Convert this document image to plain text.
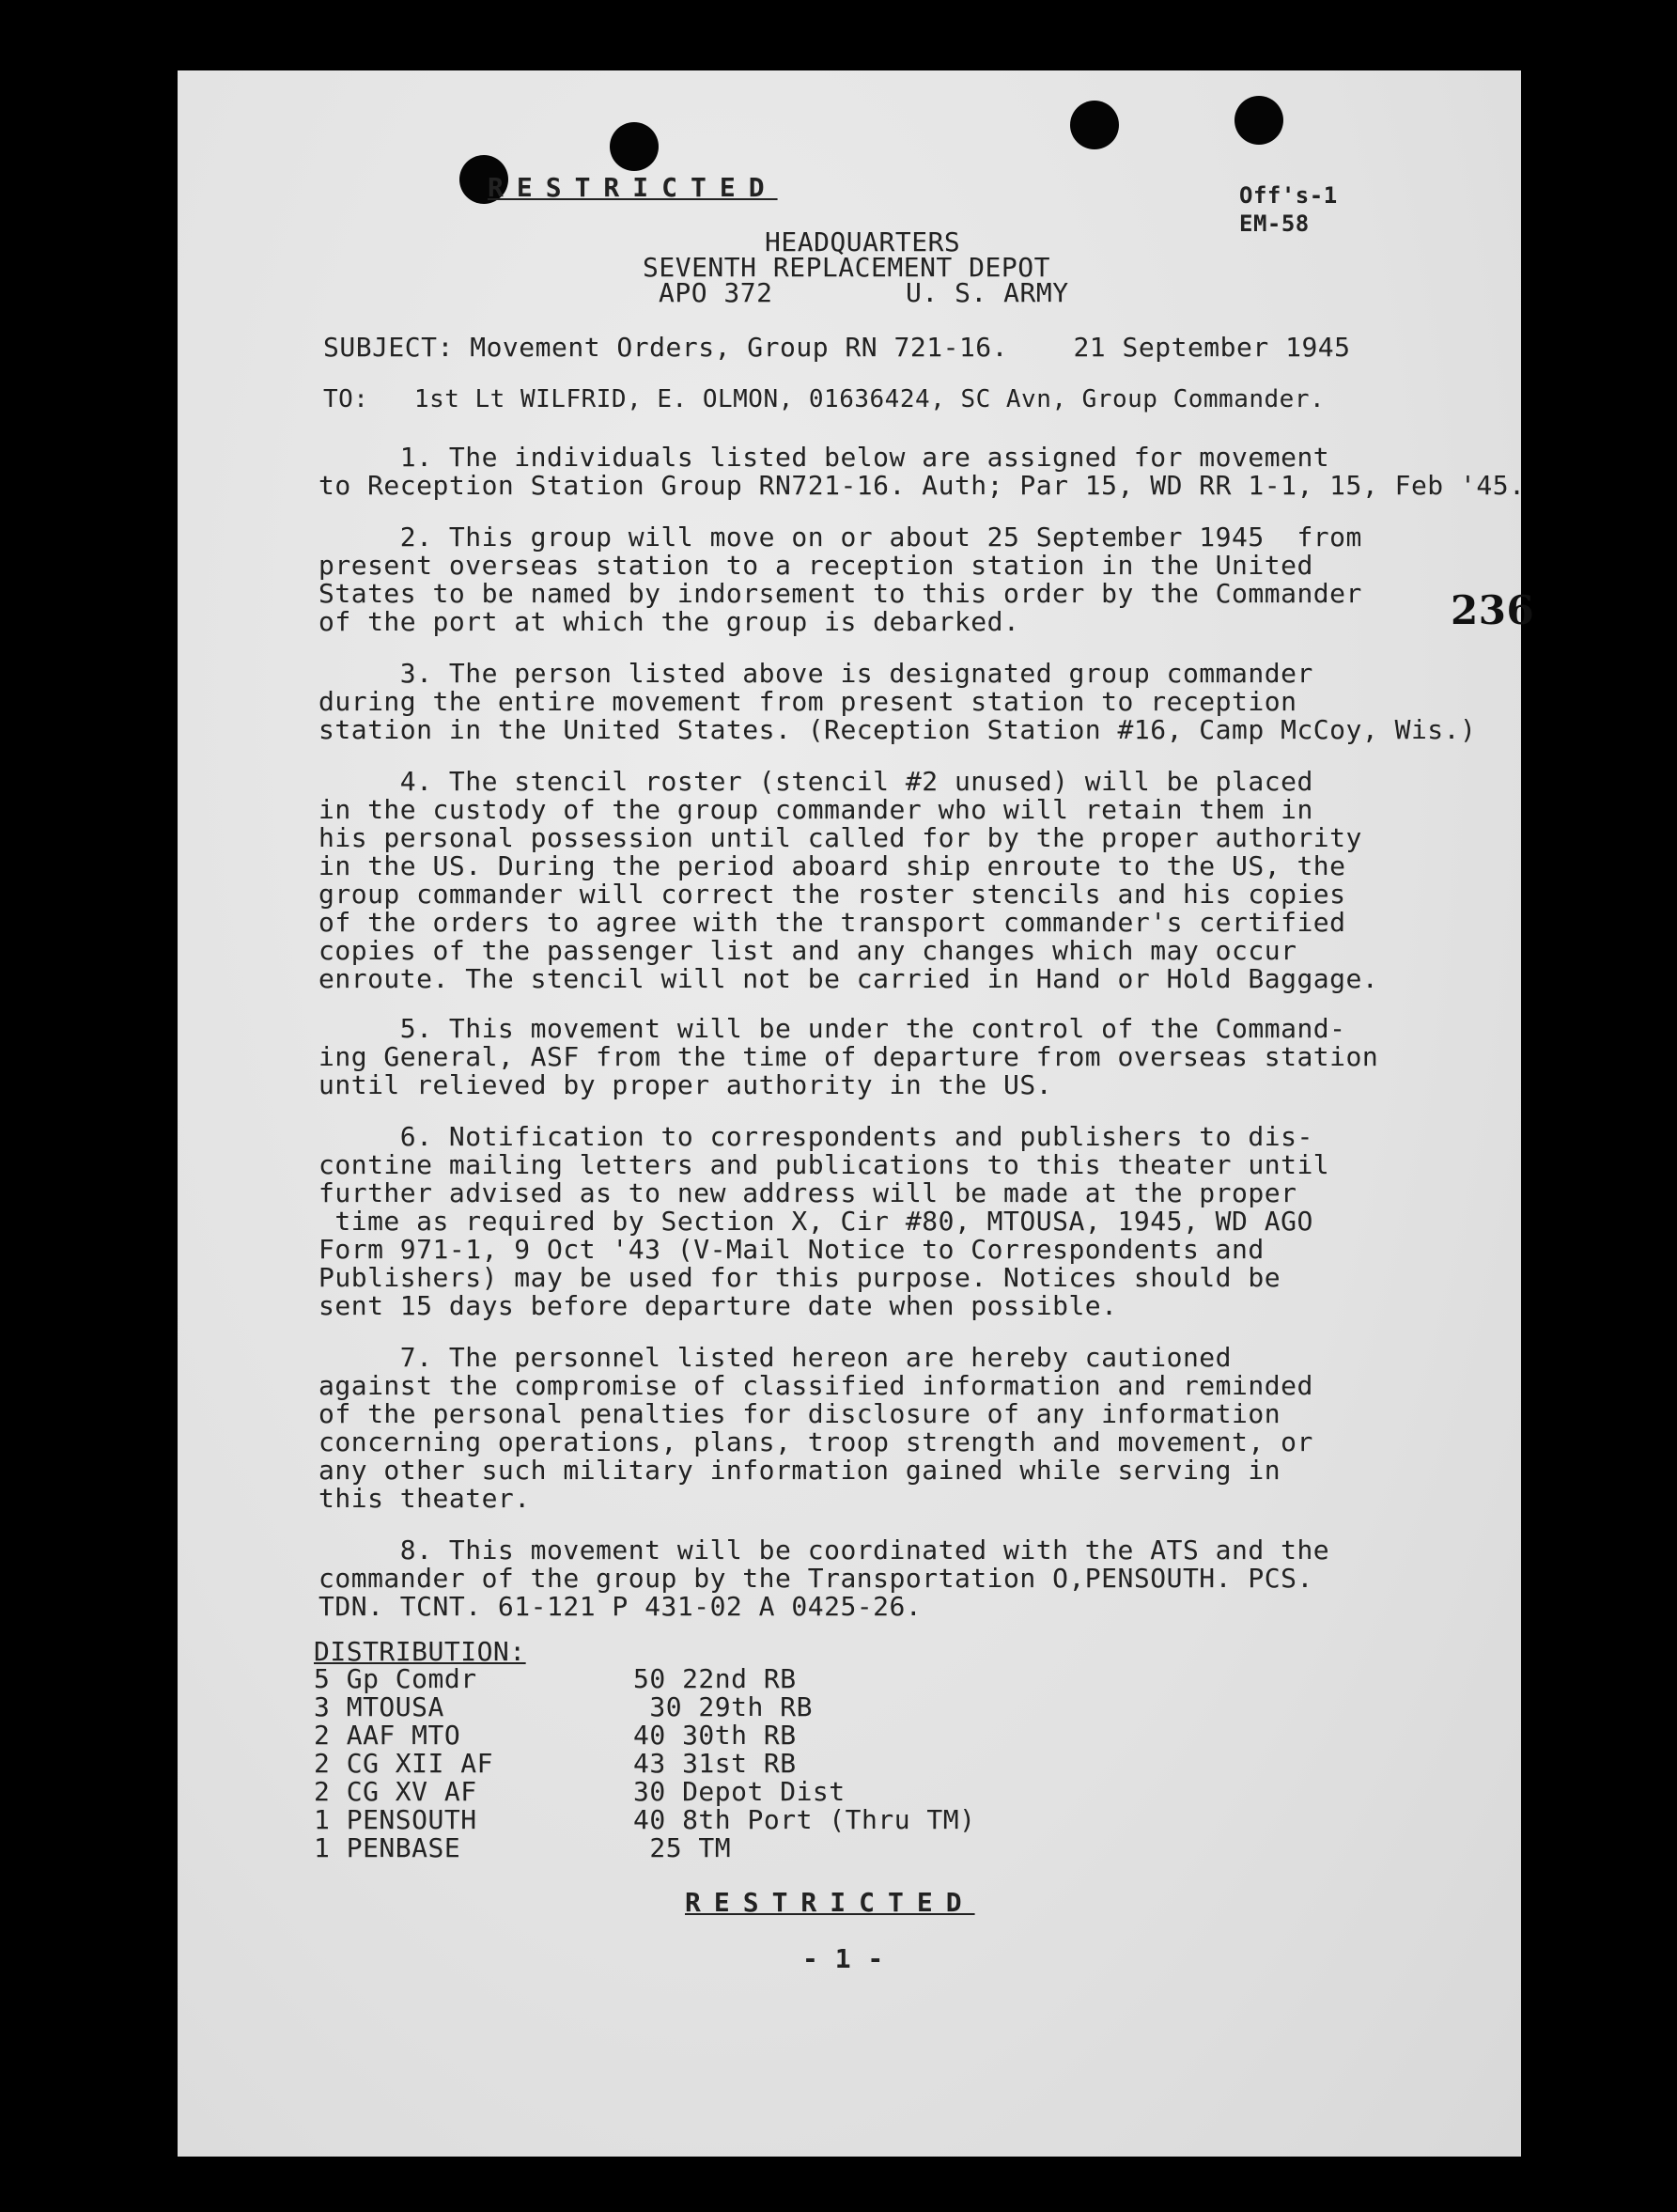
RESTRICTED	Off's-1
EM-58
HEADQUARTERS
SEVENTH REPLACEMENT DEPOT
APO 372	U. S. ARMY
SUBJECT: Movement Orders, Group RN 721-16.    21 September 1945
TO:   1st Lt WILFRID, E. OLMON, 01636424, SC Avn, Group Commander.
236
1. The individuals listed below are assigned for movement
to Reception Station Group RN721-16. Auth; Par 15, WD RR 1-1, 15, Feb '45.
2. This group will move on or about 25 September 1945  from
present overseas station to a reception station in the United
States to be named by indorsement to this order by the Commander
of the port at which the group is debarked.
3. The person listed above is designated group commander
during the entire movement from present station to reception
station in the United States. (Reception Station #16, Camp McCoy, Wis.)
4. The stencil roster (stencil #2 unused) will be placed
in the custody of the group commander who will retain them in
his personal possession until called for by the proper authority
in the US. During the period aboard ship enroute to the US, the
group commander will correct the roster stencils and his copies
of the orders to agree with the transport commander's certified
copies of the passenger list and any changes which may occur
enroute. The stencil will not be carried in Hand or Hold Baggage.
5. This movement will be under the control of the Command-
ing General, ASF from the time of departure from overseas station
until relieved by proper authority in the US.
6. Notification to correspondents and publishers to dis-
contine mailing letters and publications to this theater until
further advised as to new address will be made at the proper
time as required by Section X, Cir #80, MTOUSA, 1945, WD AGO
Form 971-1, 9 Oct '43 (V-Mail Notice to Correspondents and
Publishers) may be used for this purpose. Notices should be
sent 15 days before departure date when possible.
7. The personnel listed hereon are hereby cautioned
against the compromise of classified information and reminded
of the personal penalties for disclosure of any information
concerning operations, plans, troop strength and movement, or
any other such military information gained while serving in
this theater.
8. This movement will be coordinated with the ATS and the
commander of the group by the Transportation O,PENSOUTH. PCS.
TDN. TCNT. 61-121 P 431-02 A 0425-26.
DISTRIBUTION:
5 Gp Comdr
3 MTOUSA
2 AAF MTO
2 CG XII AF
2 CG XV AF
1 PENSOUTH
1 PENBASE
50 22nd RB
30 29th RB
40 30th RB
43 31st RB
30 Depot Dist
40 8th Port (Thru TM)
25 TM
RESTRICTED
- 1 -
